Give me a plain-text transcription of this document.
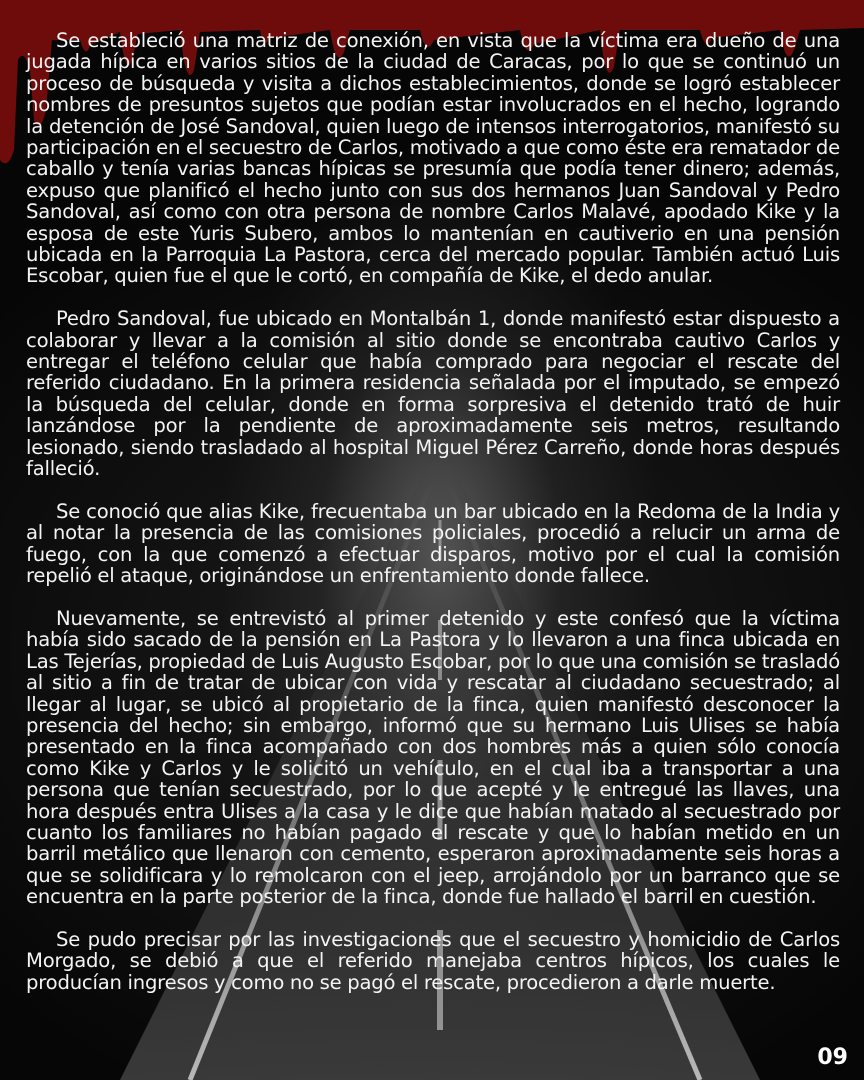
Se estableció una matriz de conexión, en vista que la víctima era dueño de una jugada hípica en varios sitios de la ciudad de Caracas, por lo que se continuó un proceso de búsqueda y visita a dichos establecimientos, donde se logró establecer nombres de presuntos sujetos que podían estar involucrados en el hecho, logrando la detención de José Sandoval, quien luego de intensos interrogatorios, manifestó su participación en el secuestro de Carlos, motivado a que como éste era rematador de caballo y tenía varias bancas hípicas se presumía que podía tener dinero; además, expuso que planificó el hecho junto con sus dos hermanos Juan Sandoval y Pedro Sandoval, así como con otra persona de nombre Carlos Malavé, apodado Kike y la esposa de este Yuris Subero, ambos lo mantenían en cautiverio en una pensión ubicada en la Parroquia La Pastora, cerca del mercado popular. También actuó Luis Escobar, quien fue el que le cortó, en compañía de Kike, el dedo anular.

Pedro Sandoval, fue ubicado en Montalbán 1, donde manifestó estar dispuesto a colaborar y llevar a la comisión al sitio donde se encontraba cautivo Carlos y entregar el teléfono celular que había comprado para negociar el rescate del referido ciudadano. En la primera residencia señalada por el imputado, se empezó la búsqueda del celular, donde en forma sorpresiva el detenido trató de huir lanzándose por la pendiente de aproximadamente seis metros, resultando lesionado, siendo trasladado al hospital Miguel Pérez Carreño, donde horas después falleció.

Se conoció que alias Kike, frecuentaba un bar ubicado en la Redoma de la India y al notar la presencia de las comisiones policiales, procedió a relucir un arma de fuego, con la que comenzó a efectuar disparos, motivo por el cual la comisión repelió el ataque, originándose un enfrentamiento donde fallece.

Nuevamente, se entrevistó al primer detenido y este confesó que la víctima había sido sacado de la pensión en La Pastora y lo llevaron a una finca ubicada en Las Tejerías, propiedad de Luis Augusto Escobar, por lo que una comisión se trasladó al sitio a fin de tratar de ubicar con vida y rescatar al ciudadano secuestrado; al llegar al lugar, se ubicó al propietario de la finca, quien manifestó desconocer la presencia del hecho; sin embargo, informó que su hermano Luis Ulises se había presentado en la finca acompañado con dos hombres más a quien sólo conocía como Kike y Carlos y le solicitó un vehículo, en el cual iba a transportar a una persona que tenían secuestrado, por lo que acepté y le entregué las llaves, una hora después entra Ulises a la casa y le dice que habían matado al secuestrado por cuanto los familiares no habían pagado el rescate y que lo habían metido en un barril metálico que llenaron con cemento, esperaron aproximadamente seis horas a que se solidificara y lo remolcaron con el jeep, arrojándolo por un barranco que se encuentra en la parte posterior de la finca, donde fue hallado el barril en cuestión.

Se pudo precisar por las investigaciones que el secuestro y homicidio de Carlos Morgado, se debió a que el referido manejaba centros hípicos, los cuales le producían ingresos y como no se pagó el rescate, procedieron a darle muerte.

09
